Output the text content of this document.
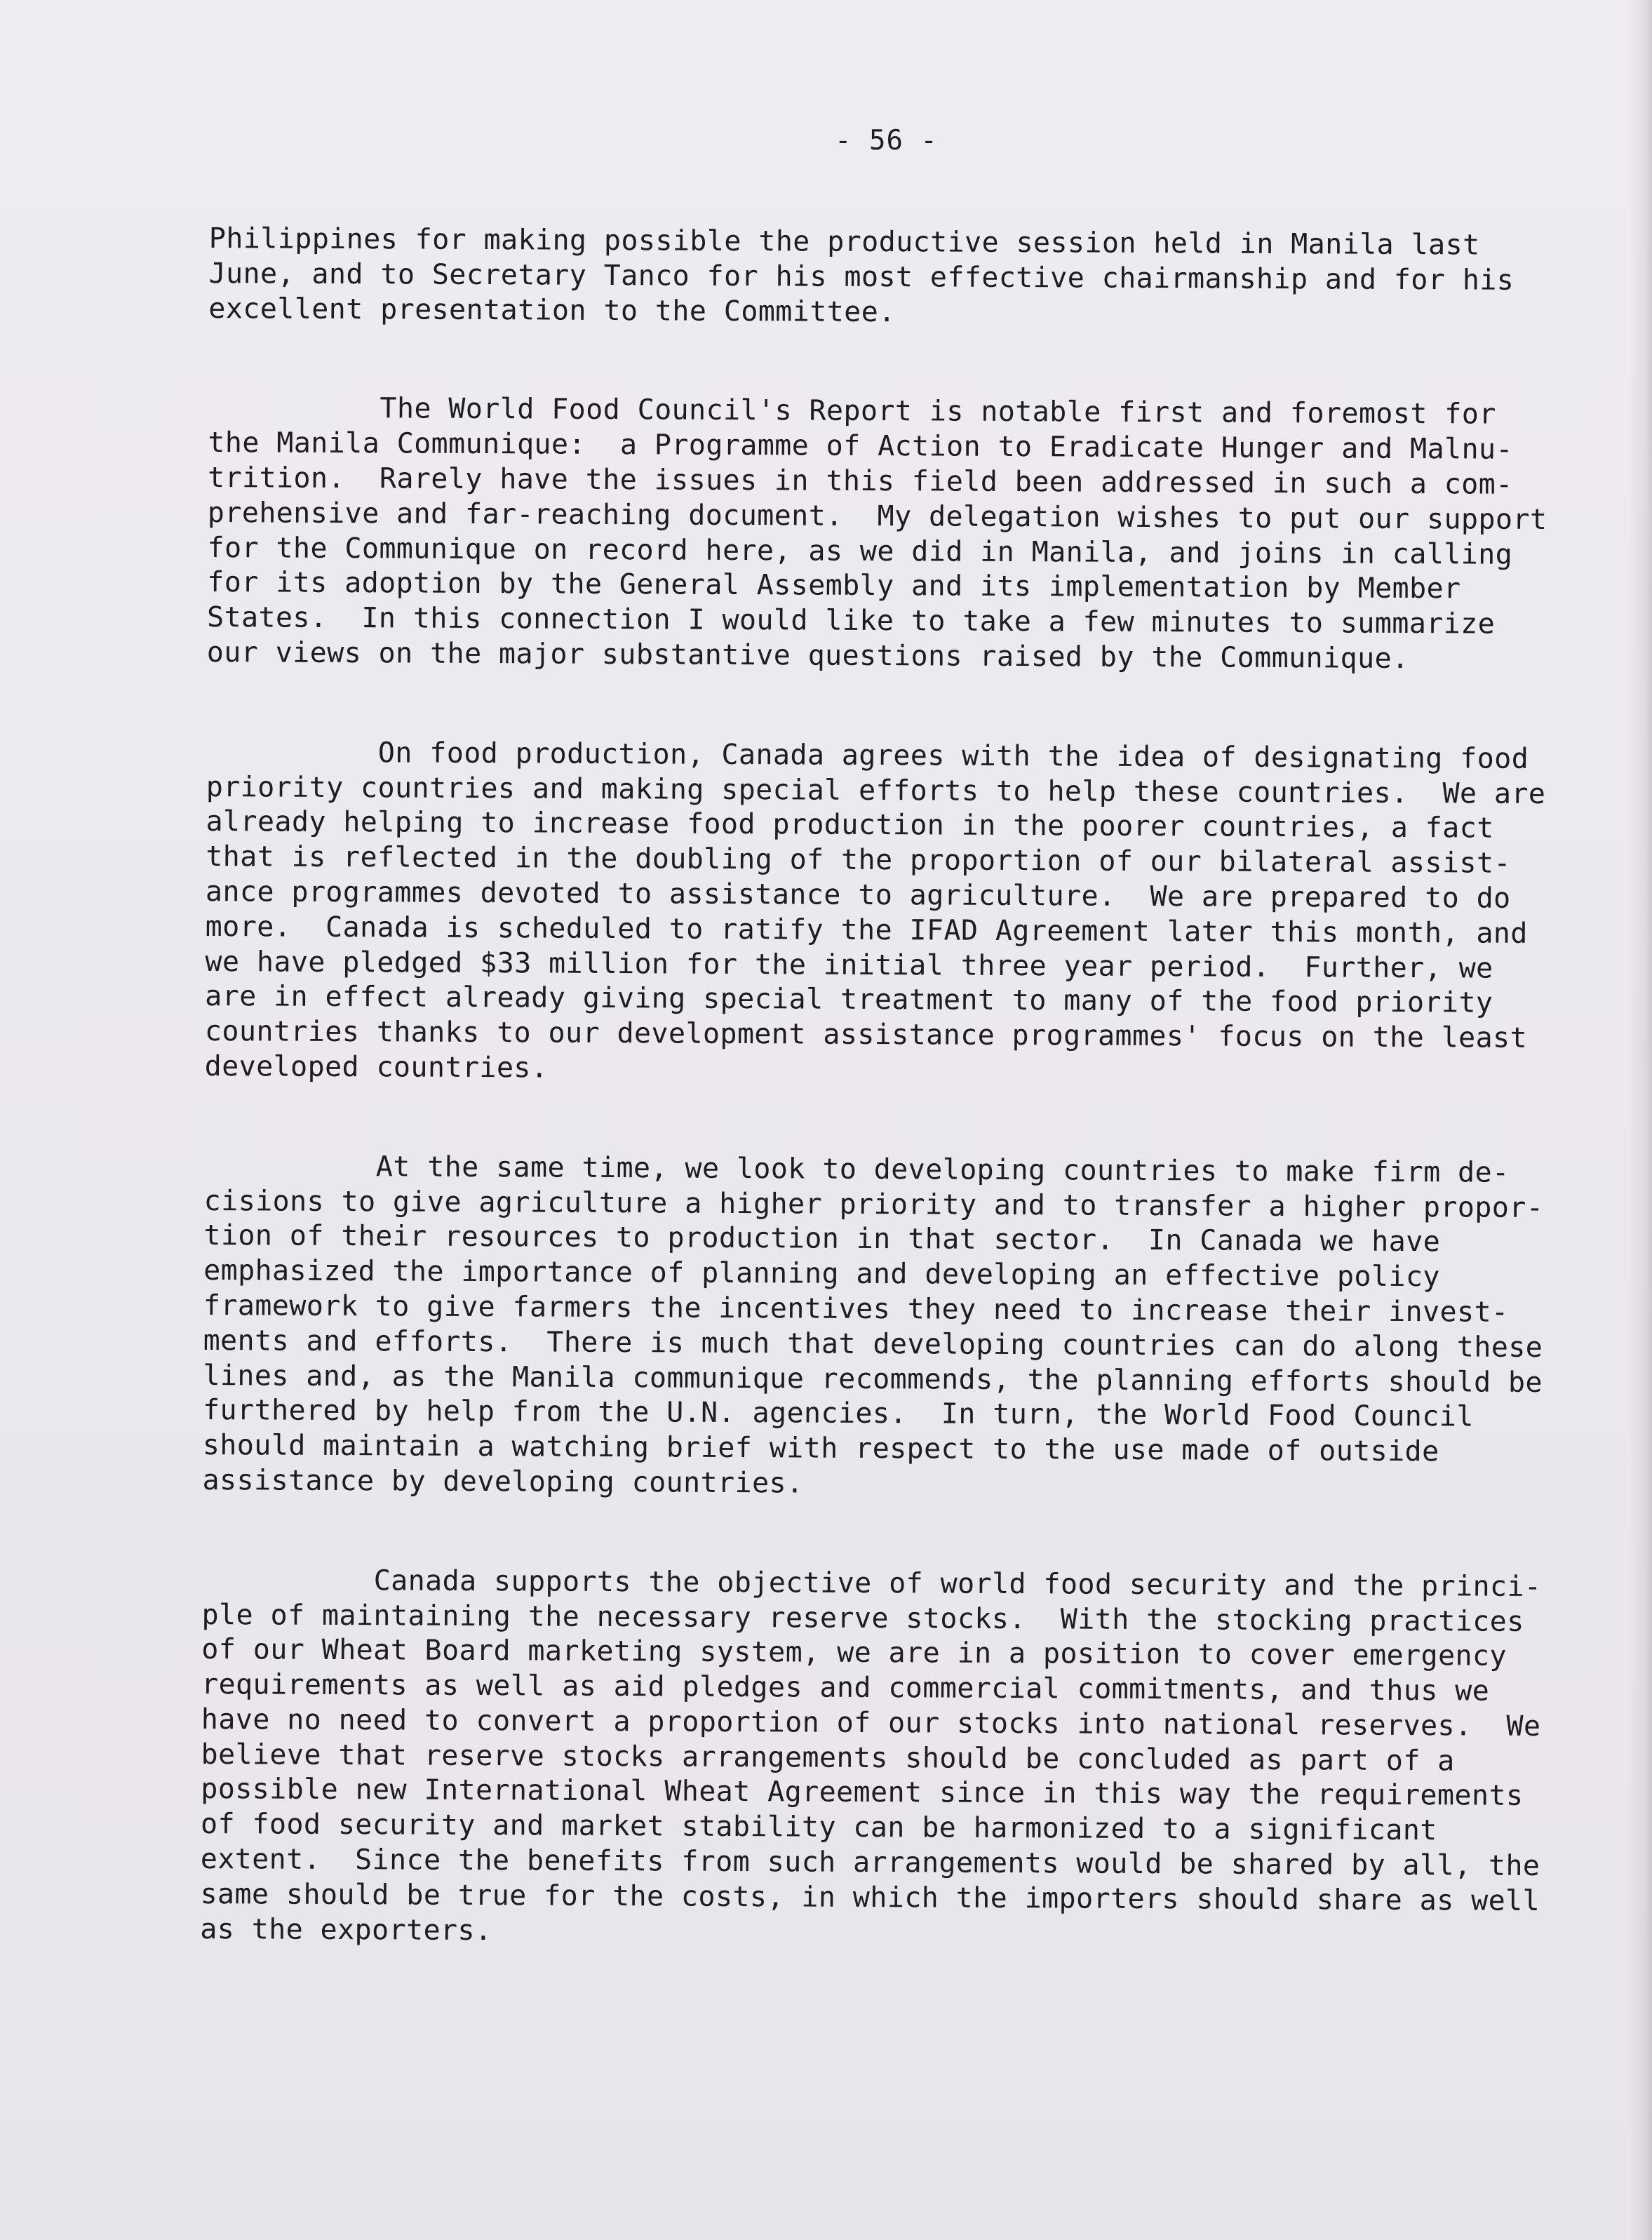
- 56 -
Philippines for making possible the productive session held in Manila last
June, and to Secretary Tanco for his most effective chairmanship and for his
excellent presentation to the Committee.
The World Food Council's Report is notable first and foremost for
the Manila Communique:  a Programme of Action to Eradicate Hunger and Malnu-
trition.  Rarely have the issues in this field been addressed in such a com-
prehensive and far-reaching document.  My delegation wishes to put our support
for the Communique on record here, as we did in Manila, and joins in calling
for its adoption by the General Assembly and its implementation by Member
States.  In this connection I would like to take a few minutes to summarize
our views on the major substantive questions raised by the Communique.
On food production, Canada agrees with the idea of designating food
priority countries and making special efforts to help these countries.  We are
already helping to increase food production in the poorer countries, a fact
that is reflected in the doubling of the proportion of our bilateral assist-
ance programmes devoted to assistance to agriculture.  We are prepared to do
more.  Canada is scheduled to ratify the IFAD Agreement later this month, and
we have pledged $33 million for the initial three year period.  Further, we
are in effect already giving special treatment to many of the food priority
countries thanks to our development assistance programmes' focus on the least
developed countries.
At the same time, we look to developing countries to make firm de-
cisions to give agriculture a higher priority and to transfer a higher propor-
tion of their resources to production in that sector.  In Canada we have
emphasized the importance of planning and developing an effective policy
framework to give farmers the incentives they need to increase their invest-
ments and efforts.  There is much that developing countries can do along these
lines and, as the Manila communique recommends, the planning efforts should be
furthered by help from the U.N. agencies.  In turn, the World Food Council
should maintain a watching brief with respect to the use made of outside
assistance by developing countries.
Canada supports the objective of world food security and the princi-
ple of maintaining the necessary reserve stocks.  With the stocking practices
of our Wheat Board marketing system, we are in a position to cover emergency
requirements as well as aid pledges and commercial commitments, and thus we
have no need to convert a proportion of our stocks into national reserves.  We
believe that reserve stocks arrangements should be concluded as part of a
possible new International Wheat Agreement since in this way the requirements
of food security and market stability can be harmonized to a significant
extent.  Since the benefits from such arrangements would be shared by all, the
same should be true for the costs, in which the importers should share as well
as the exporters.
